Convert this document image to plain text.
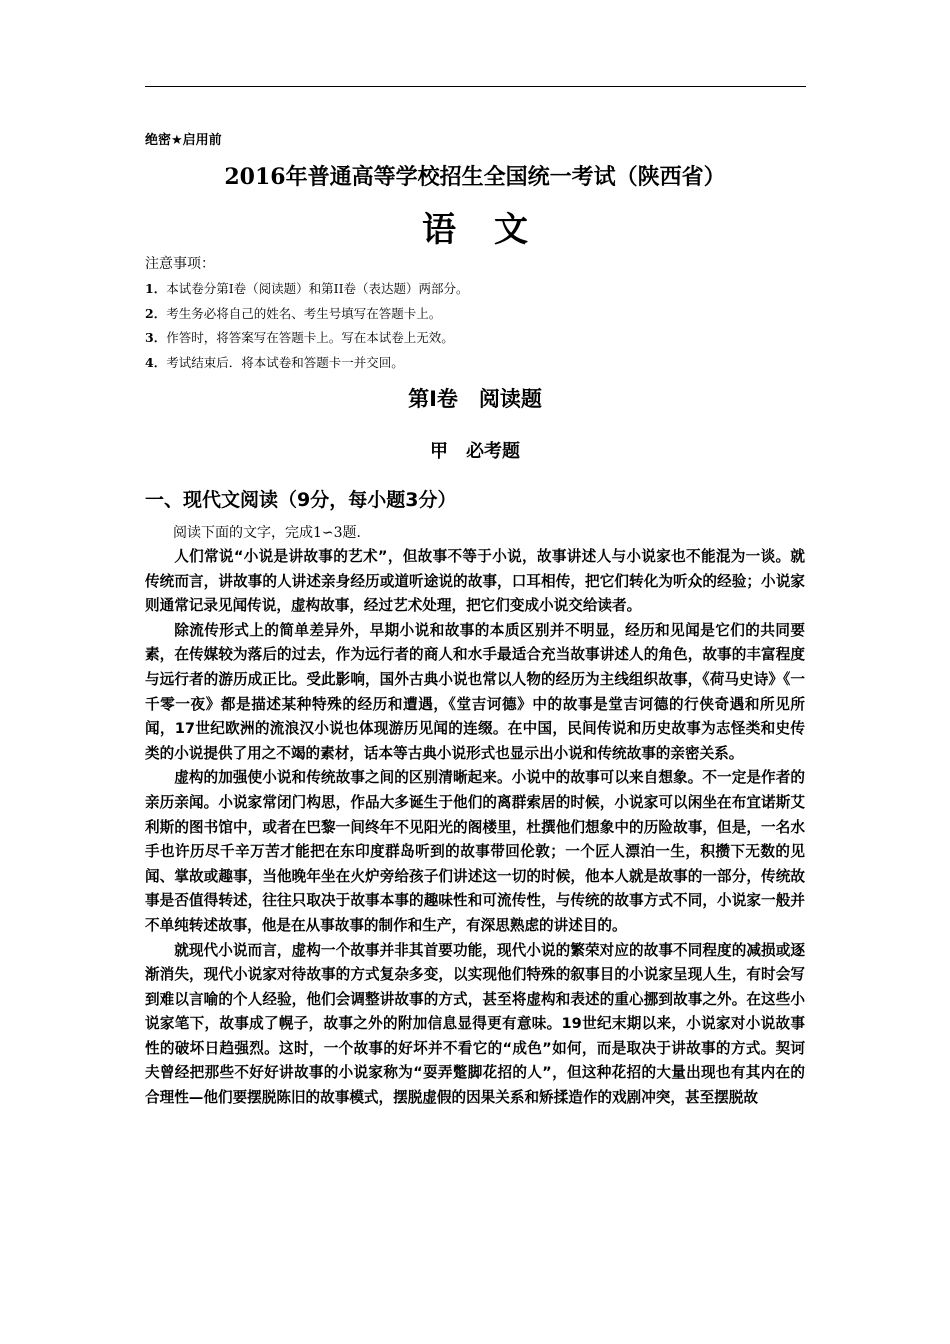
绝密★启用前
2016年普通高等学校招生全国统一考试（陕西省）
语文
注意事项：
1．本试卷分第I卷（阅读题）和第II卷（表达题）两部分。
2．考生务必将自己的姓名、考生号填写在答题卡上。
3．作答时，将答案写在答题卡上。写在本试卷上无效。
4．考试结束后．将本试卷和答题卡一并交回。
第I卷　阅读题
甲　必考题
一、现代文阅读（9分，每小题3分）
阅读下面的文字，完成1∽3题．

人们常说“小说是讲故事的艺术”，但故事不等于小说，故事讲述人与小说家也不能混为一谈。就传统而言，讲故事的人讲述亲身经历或道听途说的故事，口耳相传，把它们转化为听众的经验；小说家则通常记录见闻传说，虚构故事，经过艺术处理，把它们变成小说交给读者。

除流传形式上的简单差异外，早期小说和故事的本质区别并不明显，经历和见闻是它们的共同要素，在传媒较为落后的过去，作为远行者的商人和水手最适合充当故事讲述人的角色，故事的丰富程度与远行者的游历成正比。受此影响，国外古典小说也常以人物的经历为主线组织故事，《荷马史诗》《一千零一夜》都是描述某种特殊的经历和遭遇，《堂吉诃德》中的故事是堂吉诃德的行侠奇遇和所见所闻，17世纪欧洲的流浪汉小说也体现游历见闻的连缀。在中国，民间传说和历史故事为志怪类和史传类的小说提供了用之不竭的素材，话本等古典小说形式也显示出小说和传统故事的亲密关系。

虚构的加强使小说和传统故事之间的区别清晰起来。小说中的故事可以来自想象。不一定是作者的亲历亲闻。小说家常闭门构思，作品大多诞生于他们的离群索居的时候，小说家可以闲坐在布宜诺斯艾利斯的图书馆中，或者在巴黎一间终年不见阳光的阁楼里，杜撰他们想象中的历险故事，但是，一名水手也许历尽千辛万苦才能把在东印度群岛听到的故事带回伦敦；一个匠人漂泊一生，积攒下无数的见闻、掌故或趣事，当他晚年坐在火炉旁给孩子们讲述这一切的时候，他本人就是故事的一部分，传统故事是否值得转述，往往只取决于故事本事的趣味性和可流传性，与传统的故事方式不同，小说家一般并不单纯转述故事，他是在从事故事的制作和生产，有深思熟虑的讲述目的。

就现代小说而言，虚构一个故事并非其首要功能，现代小说的繁荣对应的故事不同程度的减损或逐渐消失，现代小说家对待故事的方式复杂多变，以实现他们特殊的叙事目的小说家呈现人生，有时会写到难以言喻的个人经验，他们会调整讲故事的方式，甚至将虚构和表述的重心挪到故事之外。在这些小说家笔下，故事成了幌子，故事之外的附加信息显得更有意味。19世纪末期以来，小说家对小说故事性的破坏日趋强烈。这时，一个故事的好坏并不看它的“成色”如何，而是取决于讲故事的方式。契诃夫曾经把那些不好好讲故事的小说家称为“耍弄蹩脚花招的人”，但这种花招的大量出现也有其内在的合理性—他们要摆脱陈旧的故事模式，摆脱虚假的因果关系和矫揉造作的戏剧冲突，甚至摆脱故
